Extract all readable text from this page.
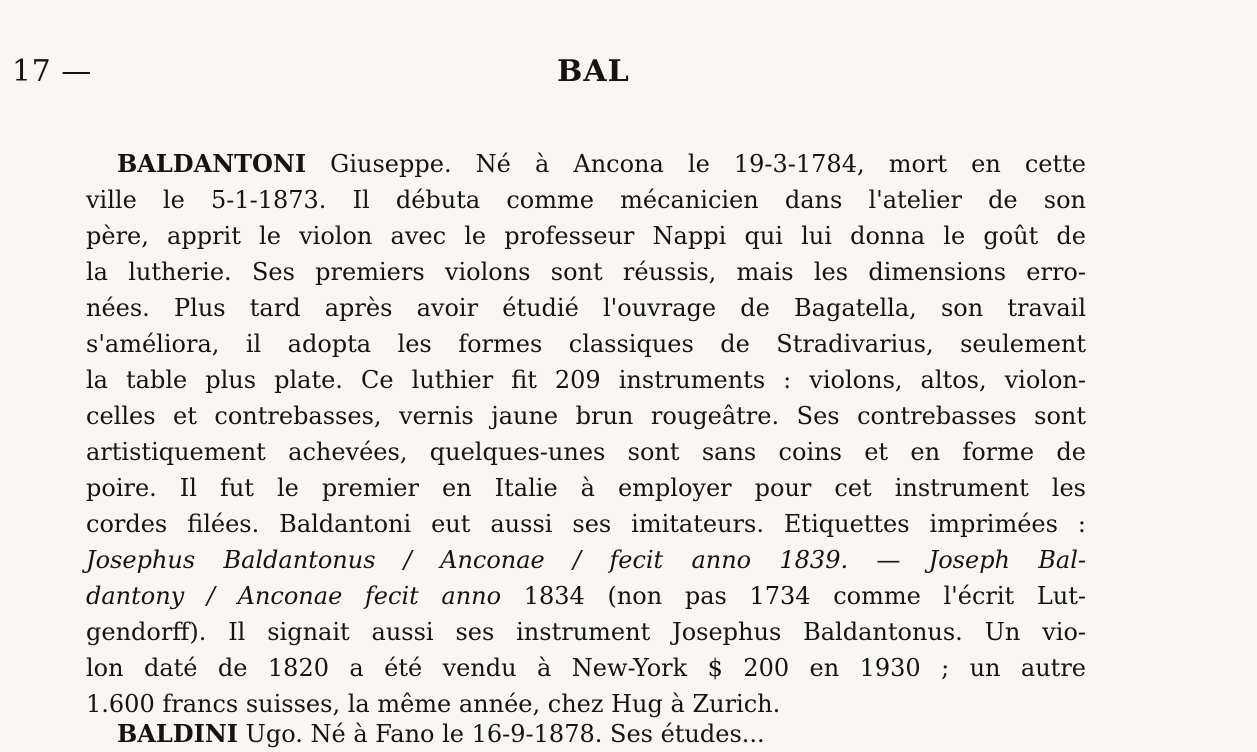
17 —	BAL
BALDANTONI Giuseppe. Né à Ancona le 19-3-1784, mort en cette
ville le 5-1-1873. Il débuta comme mécanicien dans l'atelier de son
père, apprit le violon avec le professeur Nappi qui lui donna le goût de
la lutherie. Ses premiers violons sont réussis, mais les dimensions erro-
nées. Plus tard après avoir étudié l'ouvrage de Bagatella, son travail
s'améliora, il adopta les formes classiques de Stradivarius, seulement
la table plus plate. Ce luthier fit 209 instruments : violons, altos, violon-
celles et contrebasses, vernis jaune brun rougeâtre. Ses contrebasses sont
artistiquement achevées, quelques-unes sont sans coins et en forme de
poire. Il fut le premier en Italie à employer pour cet instrument les
cordes filées. Baldantoni eut aussi ses imitateurs. Etiquettes imprimées :
Josephus Baldantonus / Anconae / fecit anno 1839. — Joseph Bal-
dantony / Anconae fecit anno 1834 (non pas 1734 comme l'écrit Lut-
gendorff). Il signait aussi ses instrument Josephus Baldantonus. Un vio-
lon daté de 1820 a été vendu à New-York $ 200 en 1930 ; un autre
1.600 francs suisses, la même année, chez Hug à Zurich.
BALDINI Ugo. Né à Fano le 16-9-1878. Ses études...
